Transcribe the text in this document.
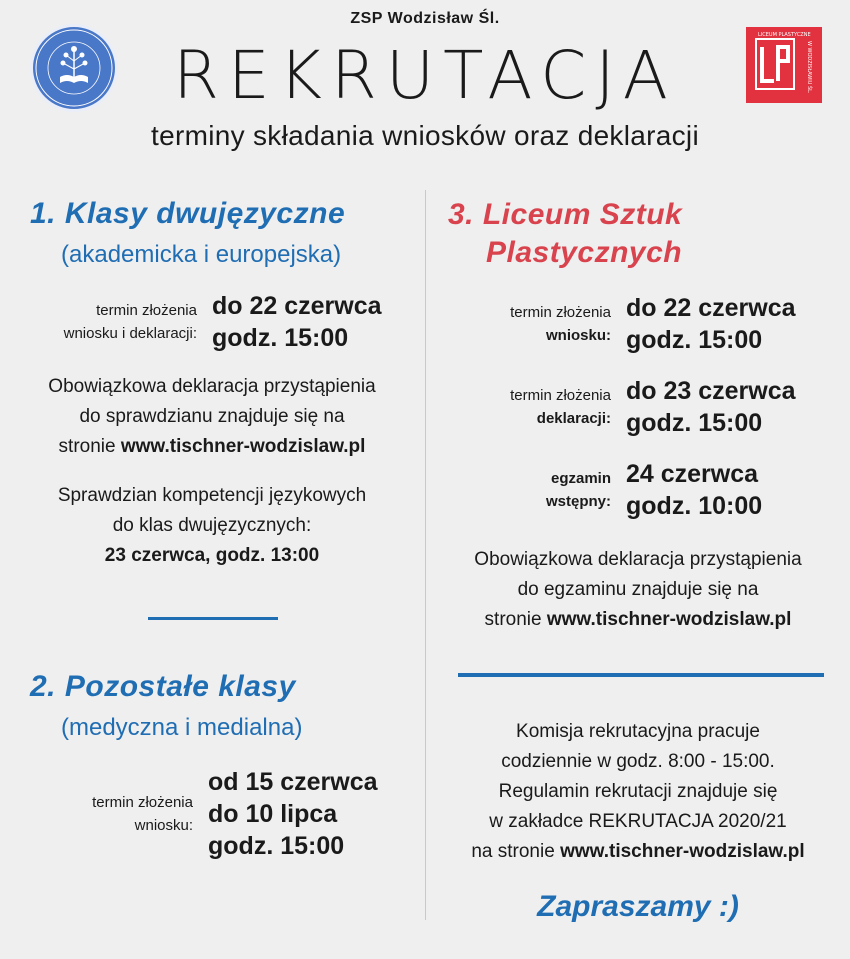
W WODZISŁAWIU ŚL.
LICEUM PLASTYCZNE
ZSP Wodzisław Śl.
REKRUTACJA
terminy składania wniosków oraz deklaracji
1. Klasy dwujęzyczne
(akademicka i europejska)
termin złożenia
wniosku i deklaracji:
do 22 czerwca
godz. 15:00
Obowiązkowa deklaracja przystąpienia
do sprawdzianu znajduje się na
stronie www.tischner-wodzislaw.pl
Sprawdzian kompetencji językowych
do klas dwujęzycznych:
23 czerwca, godz. 13:00
2. Pozostałe klasy
(medyczna i medialna)
termin złożenia
wniosku:
od 15 czerwca
do 10 lipca
godz. 15:00
3. Liceum Sztuk
Plastycznych
termin złożenia
wniosku:
do 22 czerwca
godz. 15:00
termin złożenia
deklaracji:
do 23 czerwca
godz. 15:00
egzamin
wstępny:
24 czerwca
godz. 10:00
Obowiązkowa deklaracja przystąpienia
do egzaminu znajduje się na
stronie www.tischner-wodzislaw.pl
Komisja rekrutacyjna pracuje
codziennie w godz. 8:00 - 15:00.
Regulamin rekrutacji znajduje się
w zakładce REKRUTACJA 2020/21
na stronie www.tischner-wodzislaw.pl
Zapraszamy :)
